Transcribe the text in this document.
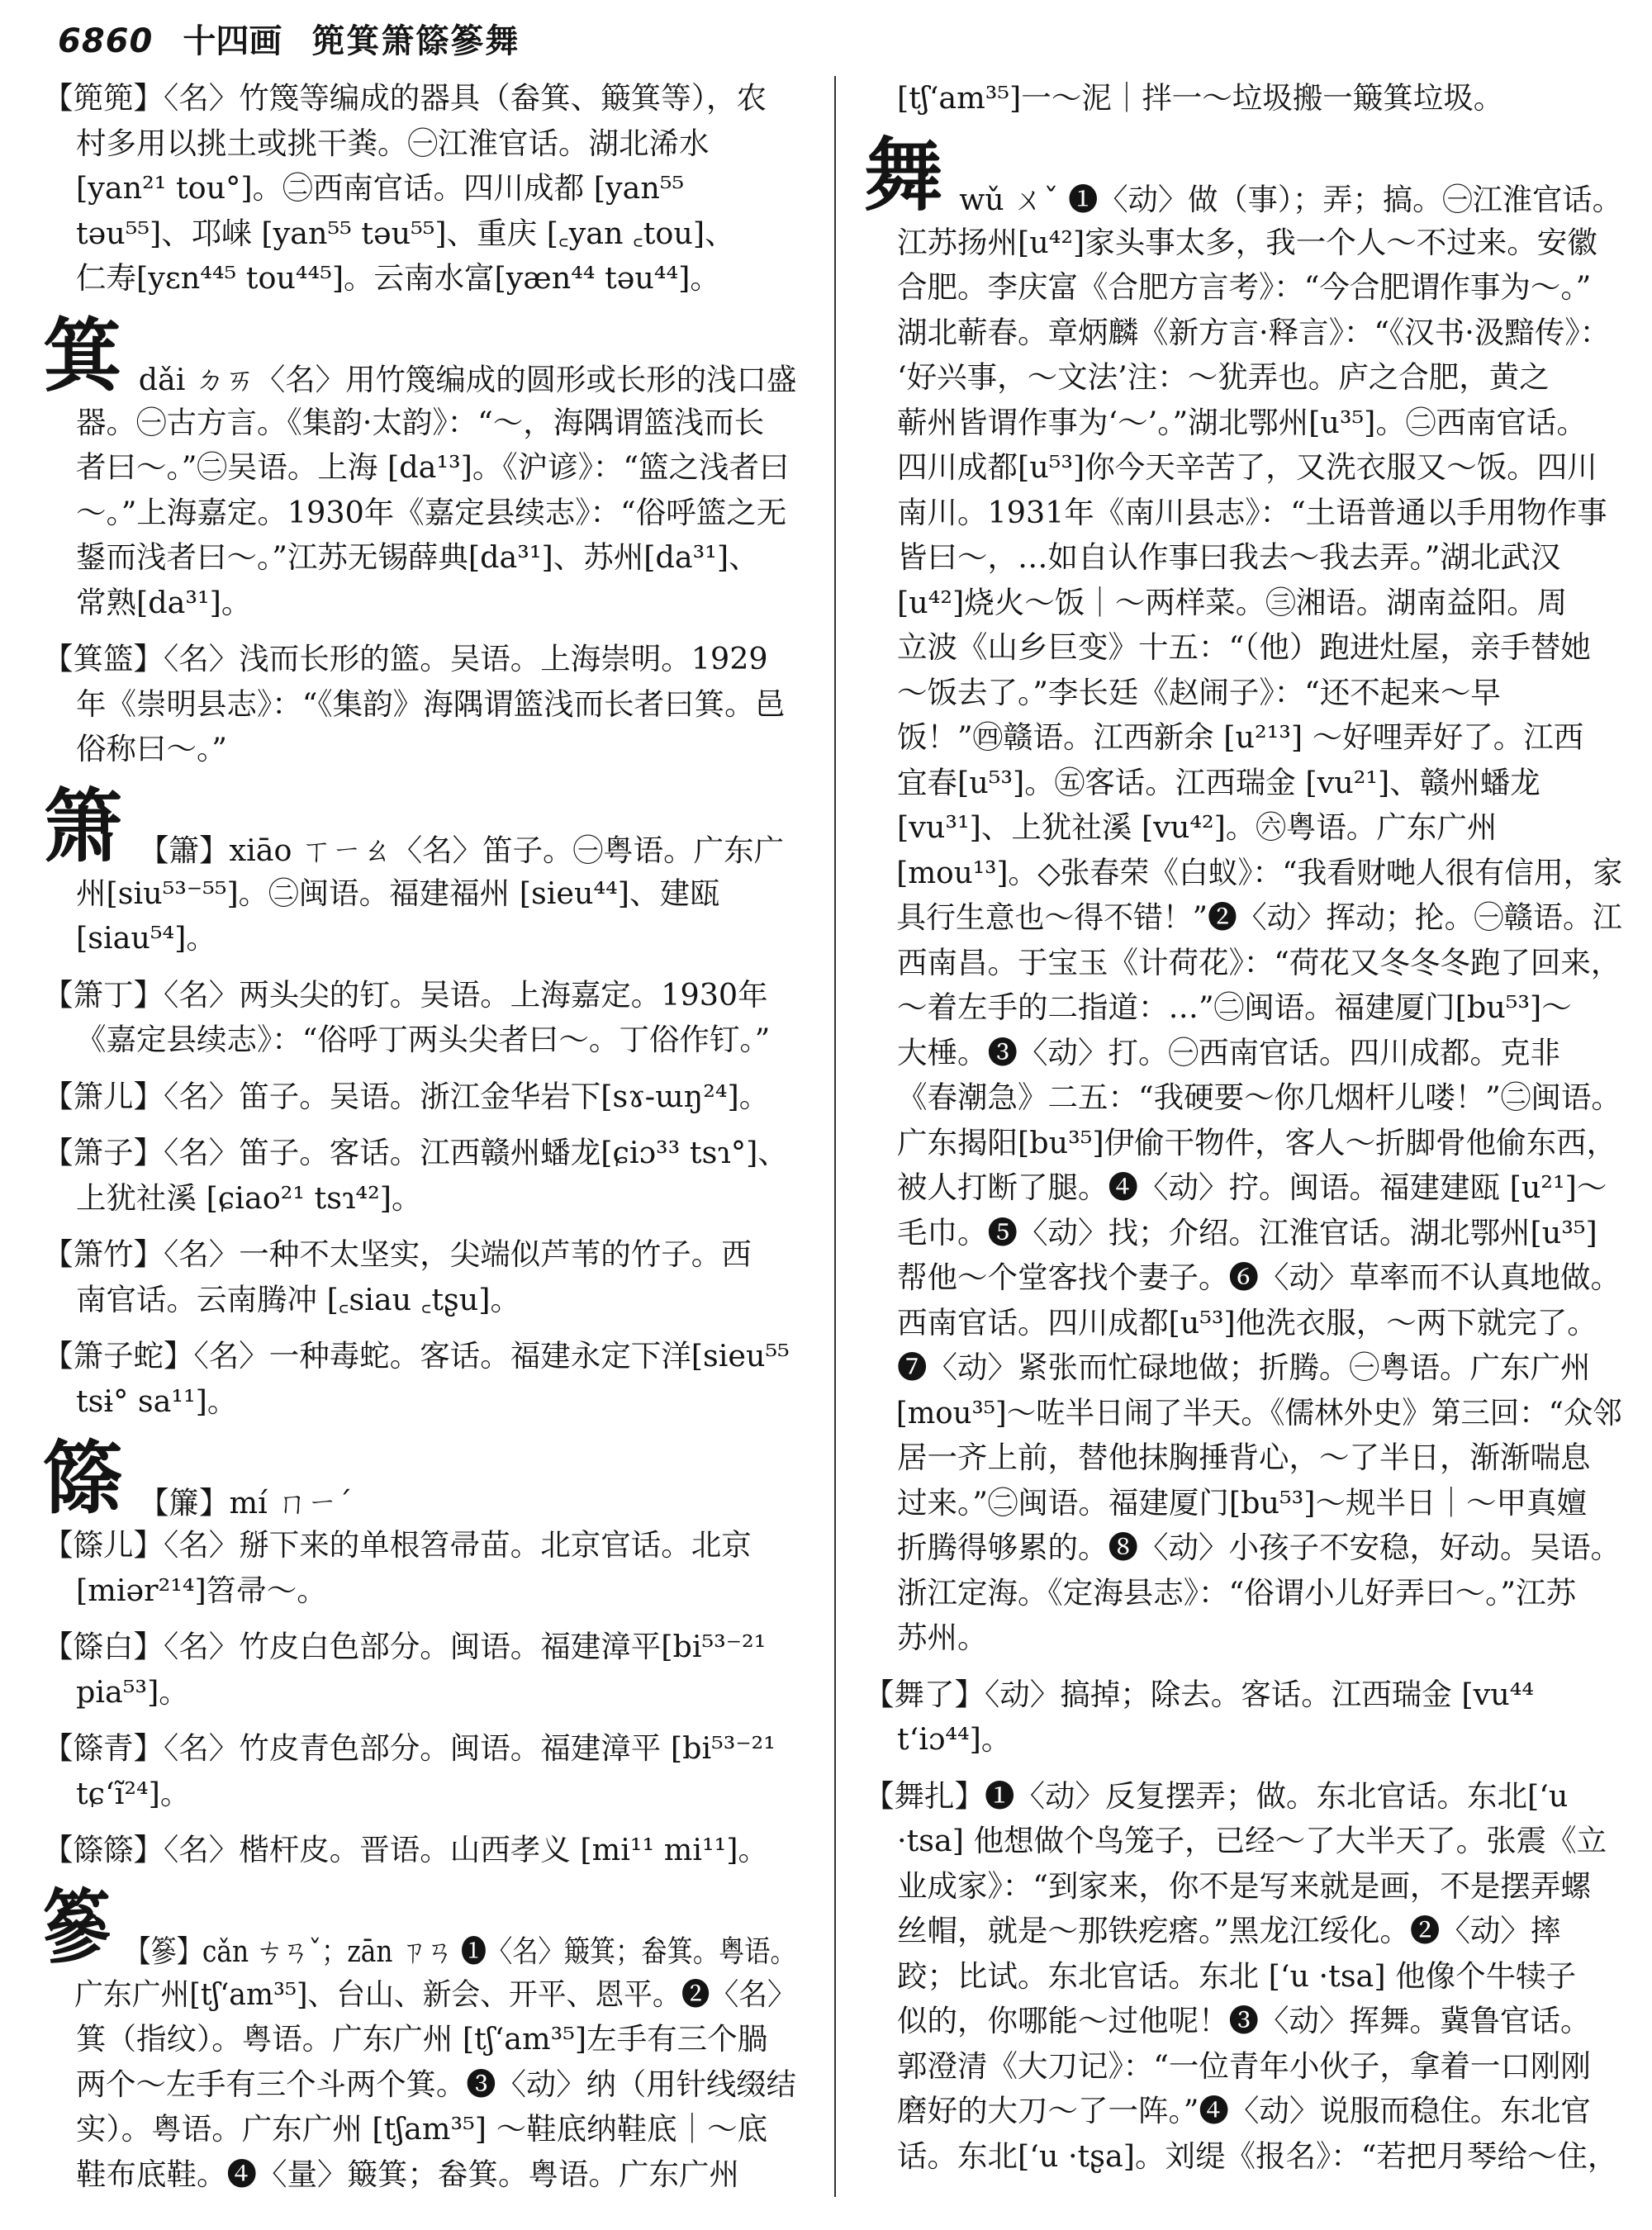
6860 十四画 篼箕箫篨篸舞
【篼篼】〈名〉竹篾等编成的器具（畚箕、簸箕等），农
村多用以挑土或挑干粪。㊀江淮官话。湖北浠水
[yan²¹ tou°]。㊁西南官话。四川成都 [yan⁵⁵
təu⁵⁵]、邛崃 [yan⁵⁵ təu⁵⁵]、重庆 [꜀yan ꜀tou]、
仁寿[yɛn⁴⁴⁵ tou⁴⁴⁵]。云南水富[yæn⁴⁴ təu⁴⁴]。
箕 dǎi ㄉㄞ〈名〉用竹篾编成的圆形或长形的浅口盛
器。㊀古方言。《集韵·太韵》：“～，海隅谓篮浅而长
者曰～。”㊁吴语。上海 [da¹³]。《沪谚》：“篮之浅者曰
～。”上海嘉定。1930年《嘉定县续志》：“俗呼篮之无
鋬而浅者曰～。”江苏无锡薛典[da³¹]、苏州[da³¹]、
常熟[da³¹]。
【箕篮】〈名〉浅而长形的篮。吴语。上海崇明。1929
年《崇明县志》：“《集韵》海隅谓篮浅而长者曰箕。邑
俗称曰～。”
箫 【簫】xiāo ㄒㄧㄠ〈名〉笛子。㊀粤语。广东广
州[siu⁵³⁻⁵⁵]。㊁闽语。福建福州 [sieu⁴⁴]、建瓯
[siau⁵⁴]。
【箫丁】〈名〉两头尖的钉。吴语。上海嘉定。1930年
《嘉定县续志》：“俗呼丁两头尖者曰～。丁俗作钉。”
【箫儿】〈名〉笛子。吴语。浙江金华岩下[sɤ-ɯŋ²⁴]。
【箫子】〈名〉笛子。客话。江西赣州蟠龙[ɕiɔ³³ tsɿ°]、
上犹社溪 [ɕiao²¹ tsɿ⁴²]。
【箫竹】〈名〉一种不太坚实，尖端似芦苇的竹子。西
南官话。云南腾冲 [꜀siau ꜀tʂu]。
【箫子蛇】〈名〉一种毒蛇。客话。福建永定下洋[sieu⁵⁵
tsɨ° sa¹¹]。
篨 【簾】mí ㄇㄧˊ
【篨儿】〈名〉掰下来的单根笤帚苗。北京官话。北京
[miər²¹⁴]笤帚～。
【篨白】〈名〉竹皮白色部分。闽语。福建漳平[bi⁵³⁻²¹
pia⁵³]。
【篨青】〈名〉竹皮青色部分。闽语。福建漳平 [bi⁵³⁻²¹
tɕʻĩ²⁴]。
【篨篨】〈名〉楷杆皮。晋语。山西孝义 [mi¹¹ mi¹¹]。
篸 【篸】cǎn ㄘㄢˇ；zān ㄗㄢ ❶〈名〉簸箕；畚箕。粤语。
广东广州[tʃʻam³⁵]、台山、新会、开平、恩平。❷〈名〉
箕（指纹）。粤语。广东广州 [tʃʻam³⁵]左手有三个腡
两个～左手有三个斗两个箕。❸〈动〉纳（用针线缀结
实）。粤语。广东广州 [tʃam³⁵] ～鞋底纳鞋底｜～底
鞋布底鞋。❹〈量〉簸箕；畚箕。粤语。广东广州
[tʃʻam³⁵]一～泥｜拌一～垃圾搬一簸箕垃圾。
舞 wǔ ㄨˇ ❶〈动〉做（事）；弄；搞。㊀江淮官话。
江苏扬州[u⁴²]家头事太多，我一个人～不过来。安徽
合肥。李庆富《合肥方言考》：“今合肥谓作事为～。”
湖北蕲春。章炳麟《新方言·释言》：“《汉书·汲黯传》：
‘好兴事，～文法’注：～犹弄也。庐之合肥，黄之
蕲州皆谓作事为‘～’。”湖北鄂州[u³⁵]。㊁西南官话。
四川成都[u⁵³]你今天辛苦了，又洗衣服又～饭。四川
南川。1931年《南川县志》：“土语普通以手用物作事
皆曰～，…如自认作事曰我去～我去弄。”湖北武汉
[u⁴²]烧火～饭｜～两样菜。㊂湘语。湖南益阳。周
立波《山乡巨变》十五：“（他）跑进灶屋，亲手替她
～饭去了。”李长廷《赵闹子》：“还不起来～早
饭！”㊃赣语。江西新余 [u²¹³] ～好哩弄好了。江西
宜春[u⁵³]。㊄客话。江西瑞金 [vu²¹]、赣州蟠龙
[vu³¹]、上犹社溪 [vu⁴²]。㊅粤语。广东广州
[mou¹³]。◇张春荣《白蚁》：“我看财哋人很有信用，家
具行生意也～得不错！”❷〈动〉挥动；抡。㊀赣语。江
西南昌。于宝玉《计荷花》：“荷花又冬冬冬跑了回来，
～着左手的二指道：…”㊁闽语。福建厦门[bu⁵³]～
大棰。❸〈动〉打。㊀西南官话。四川成都。克非
《春潮急》二五：“我硬要～你几烟杆儿喽！”㊁闽语。
广东揭阳[bu³⁵]伊偷干物件，客人～折脚骨他偷东西，
被人打断了腿。❹〈动〉拧。闽语。福建建瓯 [u²¹]～
毛巾。❺〈动〉找；介绍。江淮官话。湖北鄂州[u³⁵]
帮他～个堂客找个妻子。❻〈动〉草率而不认真地做。
西南官话。四川成都[u⁵³]他洗衣服，～两下就完了。
❼〈动〉紧张而忙碌地做；折腾。㊀粤语。广东广州
[mou³⁵]～咗半日闹了半天。《儒林外史》第三回：“众邻
居一齐上前，替他抹胸捶背心，～了半日，渐渐喘息
过来。”㊁闽语。福建厦门[bu⁵³]～规半日｜～甲真嬗
折腾得够累的。❽〈动〉小孩子不安稳，好动。吴语。
浙江定海。《定海县志》：“俗谓小儿好弄曰～。”江苏
苏州。
【舞了】〈动〉搞掉；除去。客话。江西瑞金 [vu⁴⁴
tʻiɔ⁴⁴]。
【舞扎】❶〈动〉反复摆弄；做。东北官话。东北[ʻu
·tsa] 他想做个鸟笼子，已经～了大半天了。张震《立
业成家》：“到家来，你不是写来就是画，不是摆弄螺
丝帽，就是～那铁疙瘩。”黑龙江绥化。❷〈动〉摔
跤；比试。东北官话。东北 [ʻu ·tsa] 他像个牛犊子
似的，你哪能～过他呢！❸〈动〉挥舞。冀鲁官话。
郭澄清《大刀记》：“一位青年小伙子，拿着一口刚刚
磨好的大刀～了一阵。”❹〈动〉说服而稳住。东北官
话。东北[ʻu ·tʂa]。刘缇《报名》：“若把月琴给～住，
